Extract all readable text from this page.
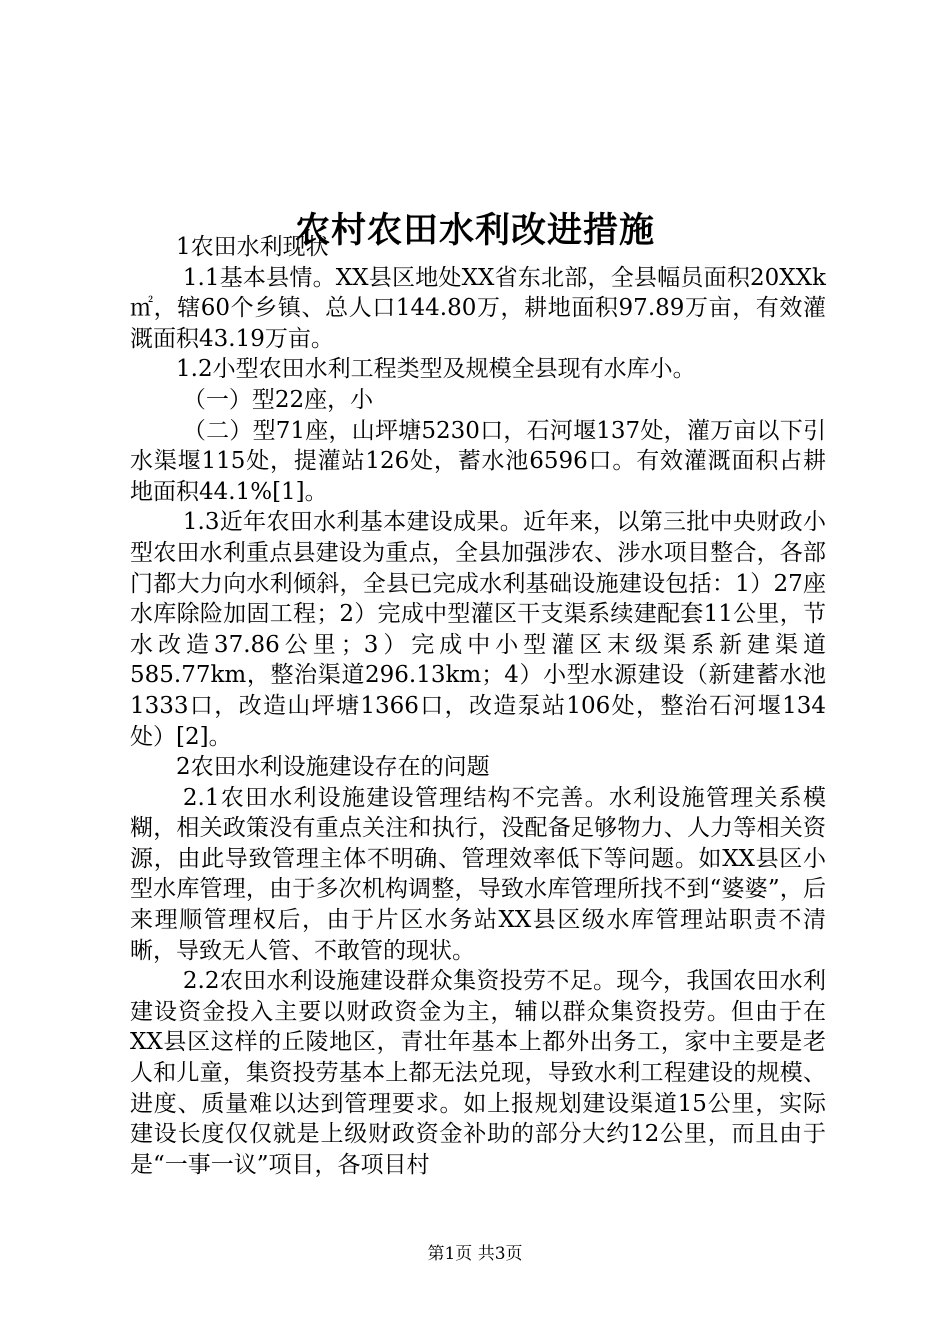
农村农田水利改进措施

1农田水利现状

1.1基本县情。XX县区地处XX省东北部，全县幅员面积20XXk㎡，辖60个乡镇、总人口144.80万，耕地面积97.89万亩，有效灌溉面积43.19万亩。

1.2小型农田水利工程类型及规模全县现有水库小。

（一）型22座，小

（二）型71座，山坪塘5230口，石河堰137处，灌万亩以下引水渠堰115处，提灌站126处，蓄水池6596口。有效灌溉面积占耕地面积44.1%[1]。

1.3近年农田水利基本建设成果。近年来，以第三批中央财政小型农田水利重点县建设为重点，全县加强涉农、涉水项目整合，各部门都大力向水利倾斜，全县已完成水利基础设施建设包括：1）27座水库除险加固工程；2）完成中型灌区干支渠系续建配套11公里，节水改造37.86公里；3）完成中小型灌区末级渠系新建渠道585.77km，整治渠道296.13km；4）小型水源建设（新建蓄水池1333口，改造山坪塘1366口，改造泵站106处，整治石河堰134处）[2]。

2农田水利设施建设存在的问题

2.1农田水利设施建设管理结构不完善。水利设施管理关系模糊，相关政策没有重点关注和执行，没配备足够物力、人力等相关资源，由此导致管理主体不明确、管理效率低下等问题。如XX县区小型水库管理，由于多次机构调整，导致水库管理所找不到“婆婆”，后来理顺管理权后，由于片区水务站XX县区级水库管理站职责不清晰，导致无人管、不敢管的现状。

2.2农田水利设施建设群众集资投劳不足。现今，我国农田水利建设资金投入主要以财政资金为主，辅以群众集资投劳。但由于在XX县区这样的丘陵地区，青壮年基本上都外出务工，家中主要是老人和儿童，集资投劳基本上都无法兑现，导致水利工程建设的规模、进度、质量难以达到管理要求。如上报规划建设渠道15公里，实际建设长度仅仅就是上级财政资金补助的部分大约12公里，而且由于是“一事一议”项目，各项目村

第1页 共3页
